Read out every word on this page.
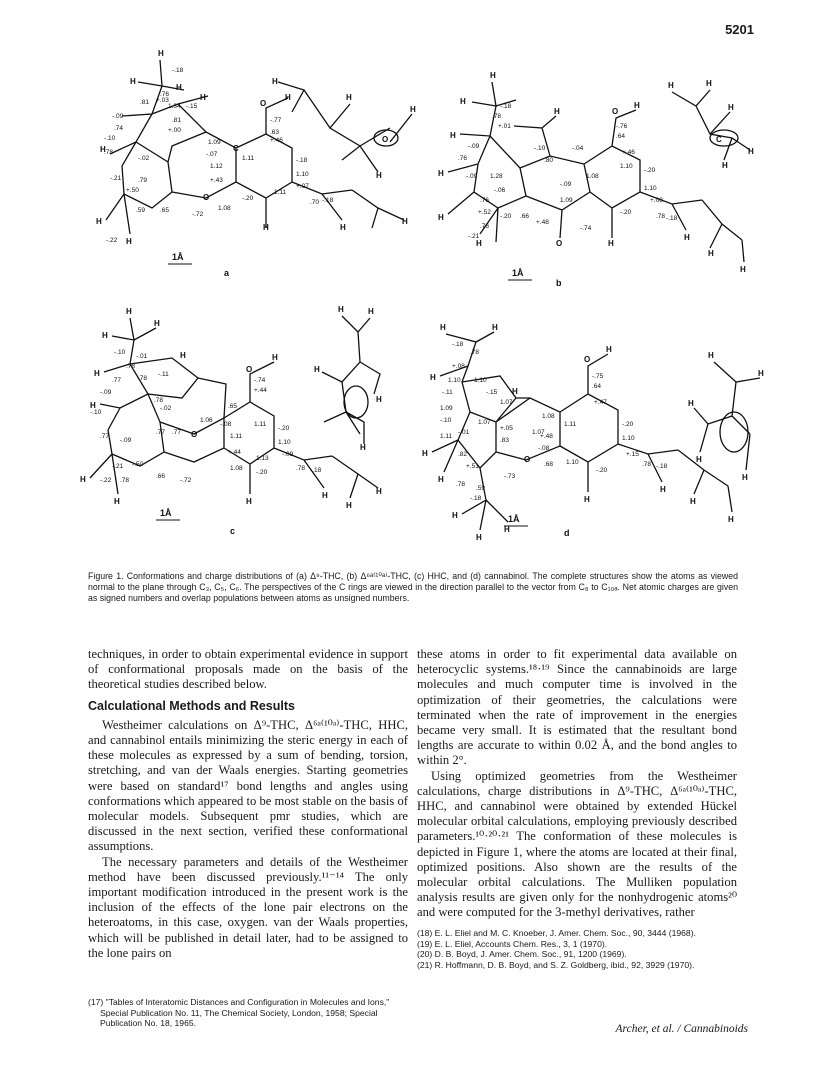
5201
H
H
H
H
H
H
H
O
H
O
C
H	H
H
H
O
H
H
H
.81 +.03
-.09
.74
-.10
.78
-.02
.79
+.50
-.21
+.00
.81
1.34 -.15
-.07
1.09
+.43
1.12
1.11
+.46
-.77
.63
-.18
1.10
+.07
-.20
1.08
1.11
.65
-.72
-.22
.59
.70 -.18
-.18
.76
1Å
a
H
H
H
H
H
H
H	O
H
O	H
H
H
H
H	H
H
H
H
C
-.18
.78
+.01
-.09
.76
-.09 1.28
-.06
.76
+.52
-.20 .66
+.48
-.10
.80
-.04
1.08
-.09
1.09
.64
-.76
+.46
-.20
1.10
1.10
+.08
-.20
-.74
.78 -.18
-.21
.76
1Å
b
H
H
H
H
H
H
H
H
O
H
O
H
H
H
H
H	H
H
H
H
-.10
-.01
.78
.77	.78
-.11
-.09
-.10
.77
.78
-.02
.77 .77
-.09
-.21 -.50
.78
-.22
.66
-.72
1.06
-.08
.65
+.44
-.74
1.11
+.44
1.11
-.20
1.10
-.09
-.20
1.08	.78 -.18
1.13
1Å
c
H	H
H
H
H
H
H
H
H
O
H
O
H
H
H
H
H
H
H
H
H
-.18
.78
+.08
1.10 1.10
-.11	-.15
1.09
-.10
1.07
1.07
+.05
1.11
-.01
.83
.82
+.51
.78
.59
-.18
-.73
1.07
-.08
1.08
+.48
1.11
.64
-.75
+.47
-.20
1.10
+.15
-.20
1.10
.68	.78 -.18
1Å
d
Figure 1. Conformations and charge distributions of (a) Δ⁹-THC, (b) Δ⁶ᵃ⁽¹⁰ᵃ⁾-THC, (c) HHC, and (d) cannabinol. The complete structures show the atoms as viewed normal to the plane through C₃, C₅, C₆. The perspectives of the C rings are viewed in the direction parallel to the vector from C₈ to C₁₀ₐ. Net atomic charges are given as signed numbers and overlap populations between atoms as unsigned numbers.

techniques, in order to obtain experimental evidence in support of conformational proposals made on the basis of the theoretical studies described below.

Calculational Methods and Results

Westheimer calculations on Δ⁹-THC, Δ⁶ᵃ⁽¹⁰ᵃ⁾-THC, HHC, and cannabinol entails minimizing the steric energy in each of these molecules as expressed by a sum of bending, torsion, stretching, and van der Waals energies. Starting geometries were based on standard¹⁷ bond lengths and angles using conformations which appeared to be most stable on the basis of molecular models. Subsequent pmr studies, which are discussed in the next section, verified these conformational assumptions.

The necessary parameters and details of the Westheimer method have been discussed previously.¹¹⁻¹⁴ The only important modification introduced in the present work is the inclusion of the effects of the lone pair electrons on the heteroatoms, in this case, oxygen. van der Waals properties, which will be published in detail later, had to be assigned to the lone pairs on

(17) "Tables of Interatomic Distances and Configuration in Molecules and Ions," Special Publication No. 11, The Chemical Society, London, 1958; Special Publication No. 18, 1965.

these atoms in order to fit experimental data available on heterocyclic systems.¹⁸·¹⁹ Since the cannabinoids are large molecules and much computer time is involved in the optimization of their geometries, the calculations were terminated when the rate of improvement in the energies became very small. It is estimated that the resultant bond lengths are accurate to within 0.02 Å, and the bond angles to within 2°.

Using optimized geometries from the Westheimer calculations, charge distributions in Δ⁹-THC, Δ⁶ᵃ⁽¹⁰ᵃ⁾-THC, HHC, and cannabinol were obtained by extended Hückel molecular orbital calculations, employing previously described parameters.¹⁰·²⁰·²¹ The conformation of these molecules is depicted in Figure 1, where the atoms are located at their final, optimized positions. Also shown are the results of the molecular orbital calculations. The Mulliken population analysis results are given only for the nonhydrogenic atoms²⁰ and were computed for the 3-methyl derivatives, rather

(18) E. L. Eliel and M. C. Knoeber, J. Amer. Chem. Soc., 90, 3444 (1968).
(19) E. L. Eliel, Accounts Chem. Res., 3, 1 (1970).
(20) D. B. Boyd, J. Amer. Chem. Soc., 91, 1200 (1969).
(21) R. Hoffmann, D. B. Boyd, and S. Z. Goldberg, ibid., 92, 3929 (1970).
Archer, et al. / Cannabinoids
